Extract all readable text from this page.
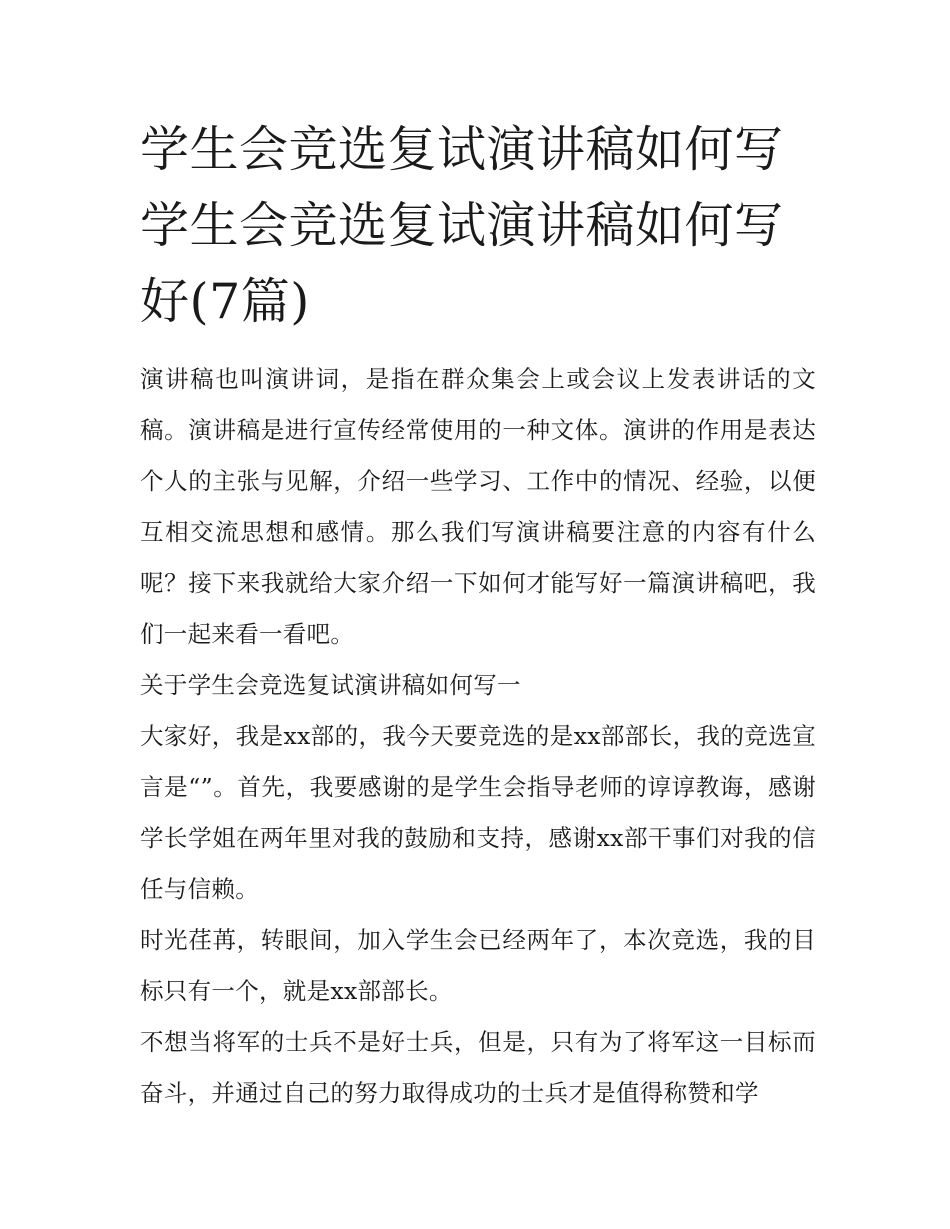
学生会竞选复试演讲稿如何写学生会竞选复试演讲稿如何写好(7篇)

演讲稿也叫演讲词，是指在群众集会上或会议上发表讲话的文稿。演讲稿是进行宣传经常使用的一种文体。演讲的作用是表达个人的主张与见解，介绍一些学习、工作中的情况、经验，以便互相交流思想和感情。那么我们写演讲稿要注意的内容有什么呢？接下来我就给大家介绍一下如何才能写好一篇演讲稿吧，我们一起来看一看吧。

关于学生会竞选复试演讲稿如何写一

大家好，我是xx部的，我今天要竞选的是xx部部长，我的竞选宣言是“”。首先，我要感谢的是学生会指导老师的谆谆教诲，感谢学长学姐在两年里对我的鼓励和支持，感谢xx部干事们对我的信任与信赖。

时光荏苒，转眼间，加入学生会已经两年了，本次竞选，我的目标只有一个，就是xx部部长。

不想当将军的士兵不是好士兵，但是，只有为了将军这一目标而奋斗，并通过自己的努力取得成功的士兵才是值得称赞和学
